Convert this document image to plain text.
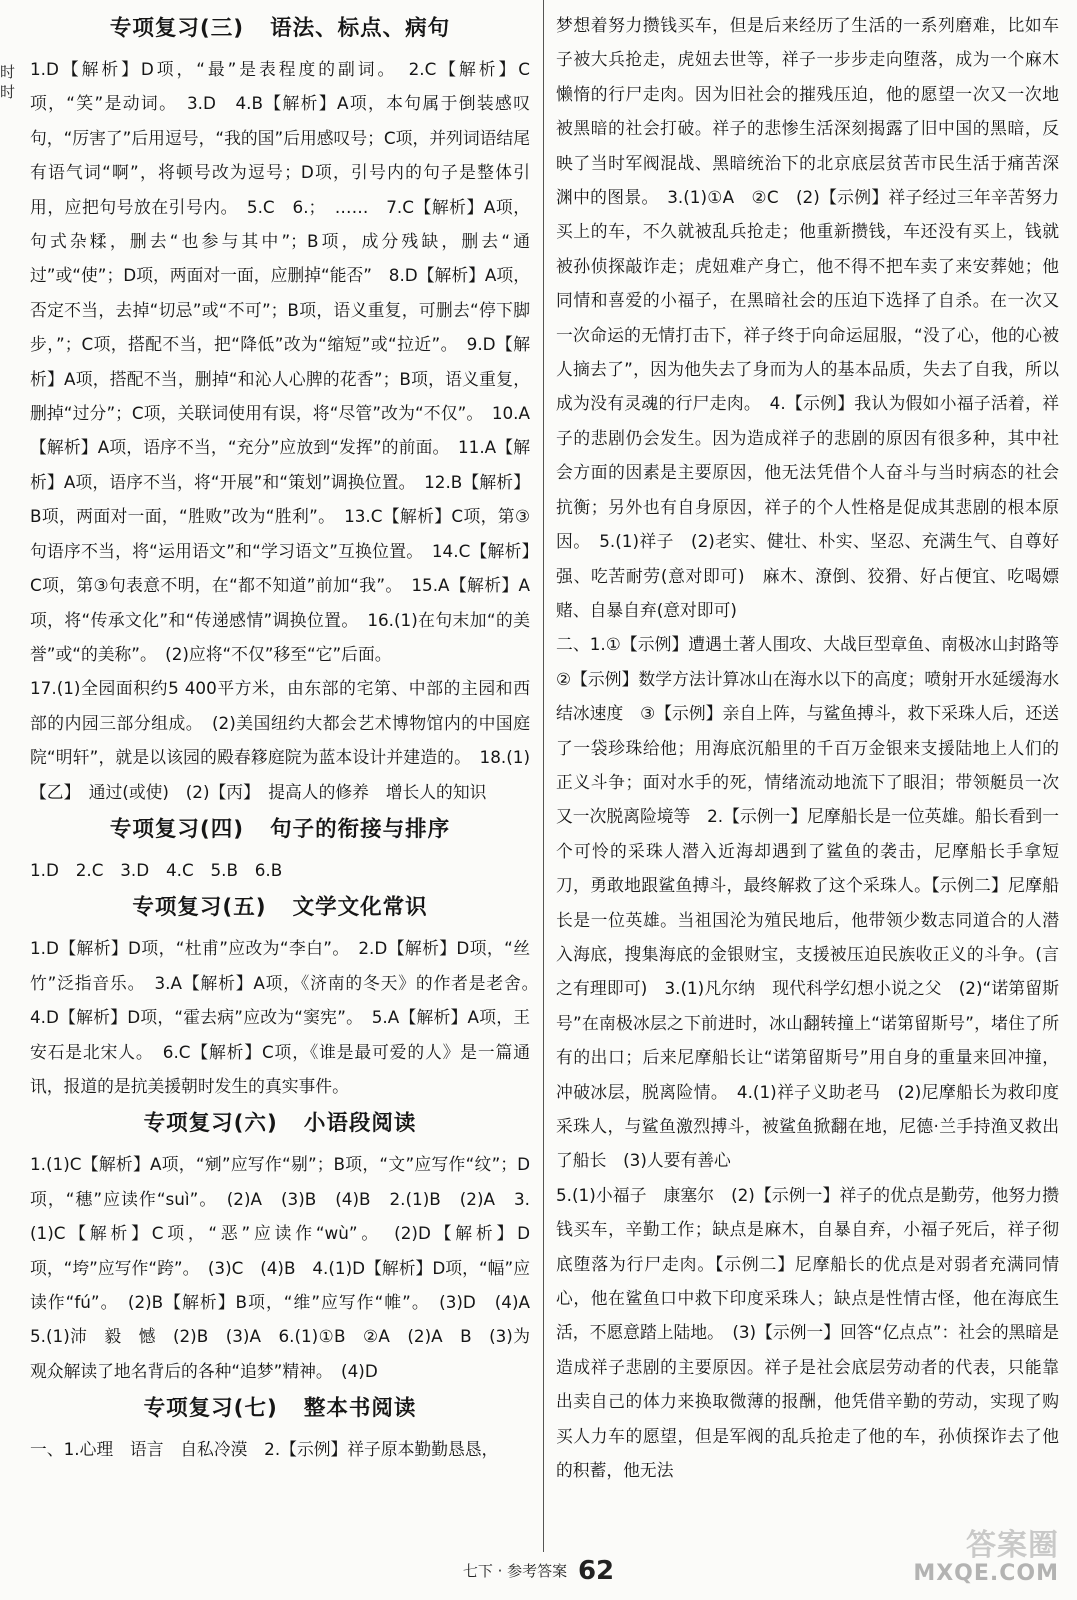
时
时
专项复习(三) 语法、标点、病句

1.D【解析】D项，“最”是表程度的副词。　2.C【解析】C项，“笑”是动词。　3.D　4.B【解析】A项，本句属于倒装感叹句，“厉害了”后用逗号，“我的国”后用感叹号；C项，并列词语结尾有语气词“啊”，将顿号改为逗号；D项，引号内的句子是整体引用，应把句号放在引号内。　5.C　6.；　……　7.C【解析】A项，句式杂糅，删去“也参与其中”；B项，成分残缺，删去“通过”或“使”；D项，两面对一面，应删掉“能否”　8.D【解析】A项，否定不当，去掉“切忌”或“不可”；B项，语义重复，可删去“停下脚步，”；C项，搭配不当，把“降低”改为“缩短”或“拉近”。　9.D【解析】A项，搭配不当，删掉“和沁人心脾的花香”；B项，语义重复，删掉“过分”；C项，关联词使用有误，将“尽管”改为“不仅”。　10.A【解析】A项，语序不当，“充分”应放到“发挥”的前面。　11.A【解析】A项，语序不当，将“开展”和“策划”调换位置。　12.B【解析】B项，两面对一面，“胜败”改为“胜利”。　13.C【解析】C项，第③句语序不当，将“运用语文”和“学习语文”互换位置。　14.C【解析】C项，第③句表意不明，在“都不知道”前加“我”。　15.A【解析】A项，将“传承文化”和“传递感情”调换位置。　16.(1)在句末加“的美誉”或“的美称”。　(2)应将“不仅”移至“它”后面。

17.(1)全园面积约5 400平方米，由东部的宅第、中部的主园和西部的内园三部分组成。　(2)美国纽约大都会艺术博物馆内的中国庭院“明轩”，就是以该园的殿春簃庭院为蓝本设计并建造的。　18.(1)【乙】　通过(或使)　(2)【丙】　提高人的修养　增长人的知识

专项复习(四) 句子的衔接与排序

1.D　2.C　3.D　4.C　5.B　6.B

专项复习(五) 文学文化常识

1.D【解析】D项，“杜甫”应改为“李白”。　2.D【解析】D项，“丝竹”泛指音乐。　3.A【解析】A项，《济南的冬天》的作者是老舍。　4.D【解析】D项，“霍去病”应改为“窦宪”。　5.A【解析】A项，王安石是北宋人。　6.C【解析】C项，《谁是最可爱的人》是一篇通讯，报道的是抗美援朝时发生的真实事件。

专项复习(六) 小语段阅读

1.(1)C【解析】A项，“剜”应写作“剔”；B项，“文”应写作“纹”；D项，“穗”应读作“suì”。　(2)A　(3)B　(4)B　2.(1)B　(2)A　3.(1)C【解析】C项，“恶”应读作“wù”。　(2)D【解析】D项，“垮”应写作“跨”。　(3)C　(4)B　4.(1)D【解析】D项，“幅”应读作“fú”。　(2)B【解析】B项，“维”应写作“帷”。　(3)D　(4)A　5.(1)沛　毅　憾　(2)B　(3)A　6.(1)①B　②A　(2)A　B　(3)为观众解读了地名背后的各种“追梦”精神。　(4)D

专项复习(七) 整本书阅读

一、1.心理　语言　自私冷漠　2.【示例】祥子原本勤勤恳恳，

梦想着努力攒钱买车，但是后来经历了生活的一系列磨难，比如车子被大兵抢走，虎妞去世等，祥子一步步走向堕落，成为一个麻木懒惰的行尸走肉。因为旧社会的摧残压迫，他的愿望一次又一次地被黑暗的社会打破。祥子的悲惨生活深刻揭露了旧中国的黑暗，反映了当时军阀混战、黑暗统治下的北京底层贫苦市民生活于痛苦深渊中的图景。　3.(1)①A　②C　(2)【示例】祥子经过三年辛苦努力买上的车，不久就被乱兵抢走；他重新攒钱，车还没有买上，钱就被孙侦探敲诈走；虎妞难产身亡，他不得不把车卖了来安葬她；他同情和喜爱的小福子，在黑暗社会的压迫下选择了自杀。在一次又一次命运的无情打击下，祥子终于向命运屈服，“没了心，他的心被人摘去了”，因为他失去了身而为人的基本品质，失去了自我，所以成为没有灵魂的行尸走肉。　4.【示例】我认为假如小福子活着，祥子的悲剧仍会发生。因为造成祥子的悲剧的原因有很多种，其中社会方面的因素是主要原因，他无法凭借个人奋斗与当时病态的社会抗衡；另外也有自身原因，祥子的个人性格是促成其悲剧的根本原因。　5.(1)祥子　(2)老实、健壮、朴实、坚忍、充满生气、自尊好强、吃苦耐劳(意对即可)　麻木、潦倒、狡猾、好占便宜、吃喝嫖赌、自暴自弃(意对即可)

二、1.①【示例】遭遇土著人围攻、大战巨型章鱼、南极冰山封路等　②【示例】数学方法计算冰山在海水以下的高度；喷射开水延缓海水结冰速度　③【示例】亲自上阵，与鲨鱼搏斗，救下采珠人后，还送了一袋珍珠给他；用海底沉船里的千百万金银来支援陆地上人们的正义斗争；面对水手的死，情绪流动地流下了眼泪；带领艇员一次又一次脱离险境等　2.【示例一】尼摩船长是一位英雄。船长看到一个可怜的采珠人潜入近海却遇到了鲨鱼的袭击，尼摩船长手拿短刀，勇敢地跟鲨鱼搏斗，最终解救了这个采珠人。【示例二】尼摩船长是一位英雄。当祖国沦为殖民地后，他带领少数志同道合的人潜入海底，搜集海底的金银财宝，支援被压迫民族收正义的斗争。(言之有理即可)　3.(1)凡尔纳　现代科学幻想小说之父　(2)“诺第留斯号”在南极冰层之下前进时，冰山翻转撞上“诺第留斯号”，堵住了所有的出口；后来尼摩船长让“诺第留斯号”用自身的重量来回冲撞，冲破冰层，脱离险情。　4.(1)祥子义助老马　(2)尼摩船长为救印度采珠人，与鲨鱼激烈搏斗，被鲨鱼掀翻在地，尼德·兰手持渔叉救出了船长　(3)人要有善心

5.(1)小福子　康塞尔　(2)【示例一】祥子的优点是勤劳，他努力攒钱买车，辛勤工作；缺点是麻木，自暴自弃，小福子死后，祥子彻底堕落为行尸走肉。【示例二】尼摩船长的优点是对弱者充满同情心，他在鲨鱼口中救下印度采珠人；缺点是性情古怪，他在海底生活，不愿意踏上陆地。　(3)【示例一】回答“亿点点”：社会的黑暗是造成祥子悲剧的主要原因。祥子是社会底层劳动者的代表，只能靠出卖自己的体力来换取微薄的报酬，他凭借辛勤的劳动，实现了购买人力车的愿望，但是军阀的乱兵抢走了他的车，孙侦探诈去了他的积蓄，他无法

七下 · 参考答案 62
答案圈
MXQE.COM
